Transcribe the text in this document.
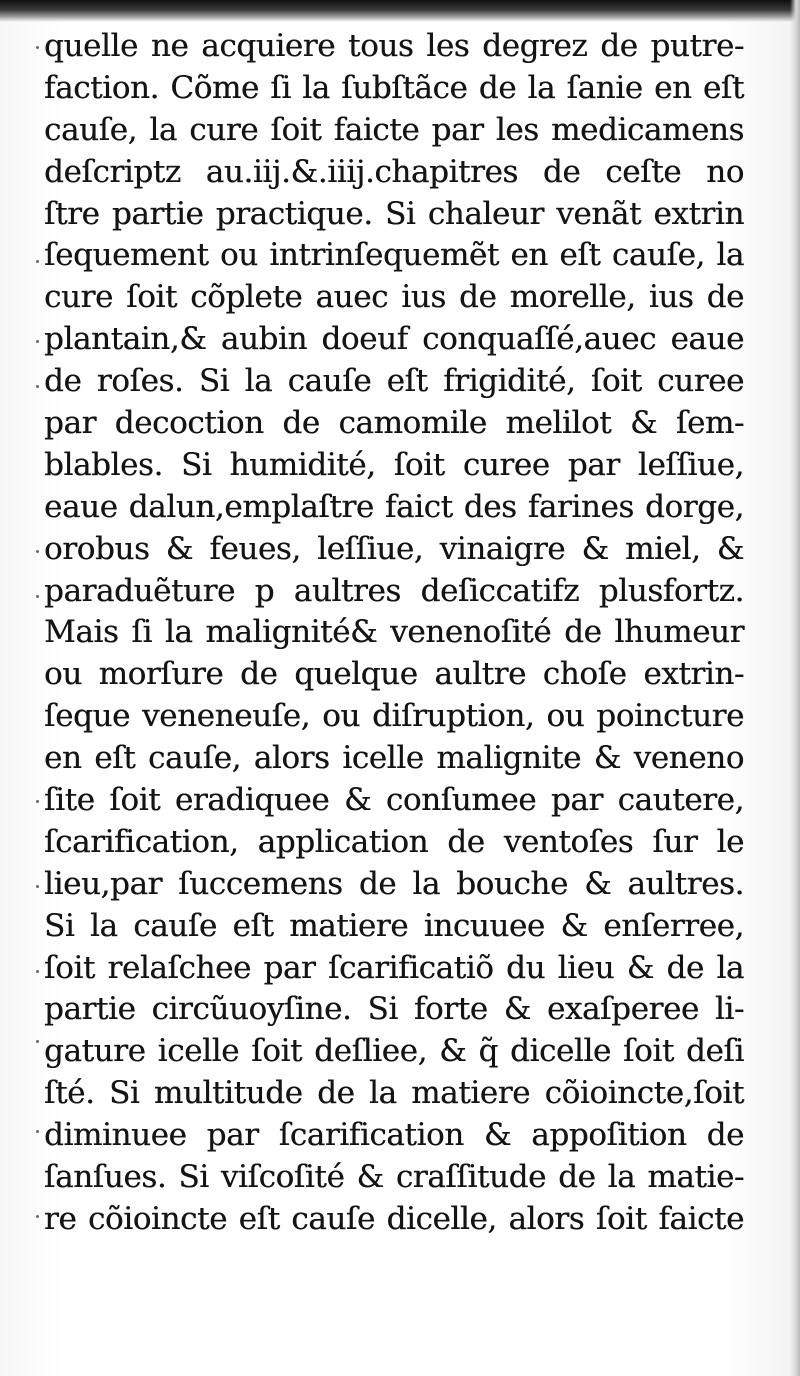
quelle ne acquiere tous les degrez de putre-
faction. Cõme ſi la ſubſtãce de la ſanie en eſt
cauſe, la cure ſoit faicte par les medicamens
deſcriptz au.iij.&.iiij.chapitres de ceſte no
ſtre partie practique. Si chaleur venãt extrin
ſequement ou intrinſequemẽt en eſt cauſe, la
cure ſoit cõplete auec ius de morelle, ius de
plantain,& aubin doeuf conquaſſé,auec eaue
de roſes. Si la cauſe eſt frigidité, ſoit curee
par decoction de camomile melilot & ſem-
blables. Si humidité, ſoit curee par leſſiue,
eaue dalun,emplaſtre faict des farines dorge,
orobus & feues, leſſiue, vinaigre & miel, &
paraduẽture p aultres deſiccatifz plusfortz.
Mais ſi la malignité& venenoſité de lhumeur
ou morſure de quelque aultre choſe extrin-
ſeque veneneuſe, ou diſruption, ou poincture
en eſt cauſe, alors icelle malignite & veneno
ſite ſoit eradiquee & conſumee par cautere,
ſcarification, application de ventoſes ſur le
lieu,par ſuccemens de la bouche & aultres.
Si la cauſe eſt matiere incuuee & enſerree,
ſoit relaſchee par ſcarificatiõ du lieu & de la
partie circũuoyſine. Si forte & exaſperee li-
gature icelle ſoit deſliee, & q̃ dicelle ſoit deſi
ſté. Si multitude de la matiere cõioincte,ſoit
diminuee par ſcarification & appoſition de
ſanſues. Si viſcoſité & craſſitude de la matie-
re cõioincte eſt cauſe dicelle, alors ſoit faicte
